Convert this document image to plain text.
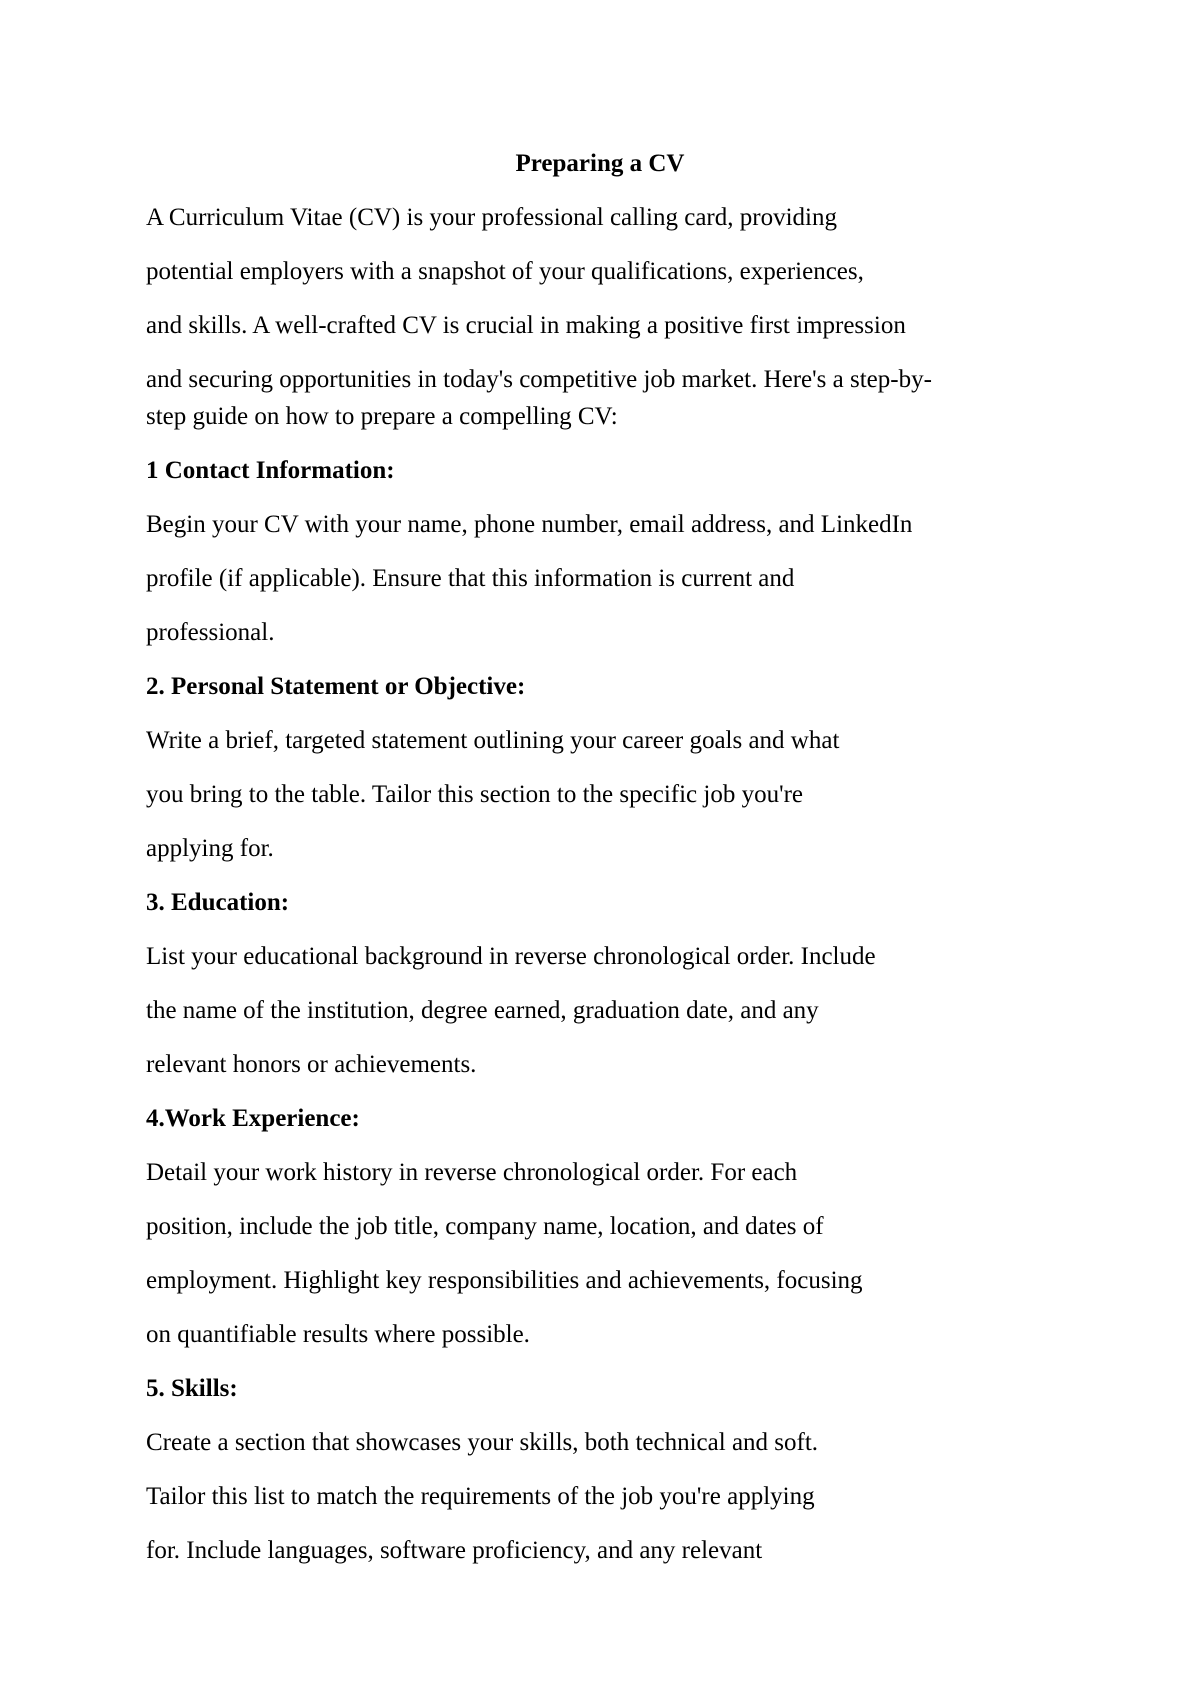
Preparing a CV

A Curriculum Vitae (CV) is your professional calling card, providing

potential employers with a snapshot of your qualifications, experiences,

and skills. A well-crafted CV is crucial in making a positive first impression

and securing opportunities in today's competitive job market. Here's a step-by-

step guide on how to prepare a compelling CV:

1 Contact Information:

Begin your CV with your name, phone number, email address, and LinkedIn

profile (if applicable). Ensure that this information is current and

professional.

2. Personal Statement or Objective:

Write a brief, targeted statement outlining your career goals and what

you bring to the table. Tailor this section to the specific job you're

applying for.

3. Education:

List your educational background in reverse chronological order. Include

the name of the institution, degree earned, graduation date, and any

relevant honors or achievements.

4.Work Experience:

Detail your work history in reverse chronological order. For each

position, include the job title, company name, location, and dates of

employment. Highlight key responsibilities and achievements, focusing

on quantifiable results where possible.

5. Skills:

Create a section that showcases your skills, both technical and soft.

Tailor this list to match the requirements of the job you're applying

for. Include languages, software proficiency, and any relevant
